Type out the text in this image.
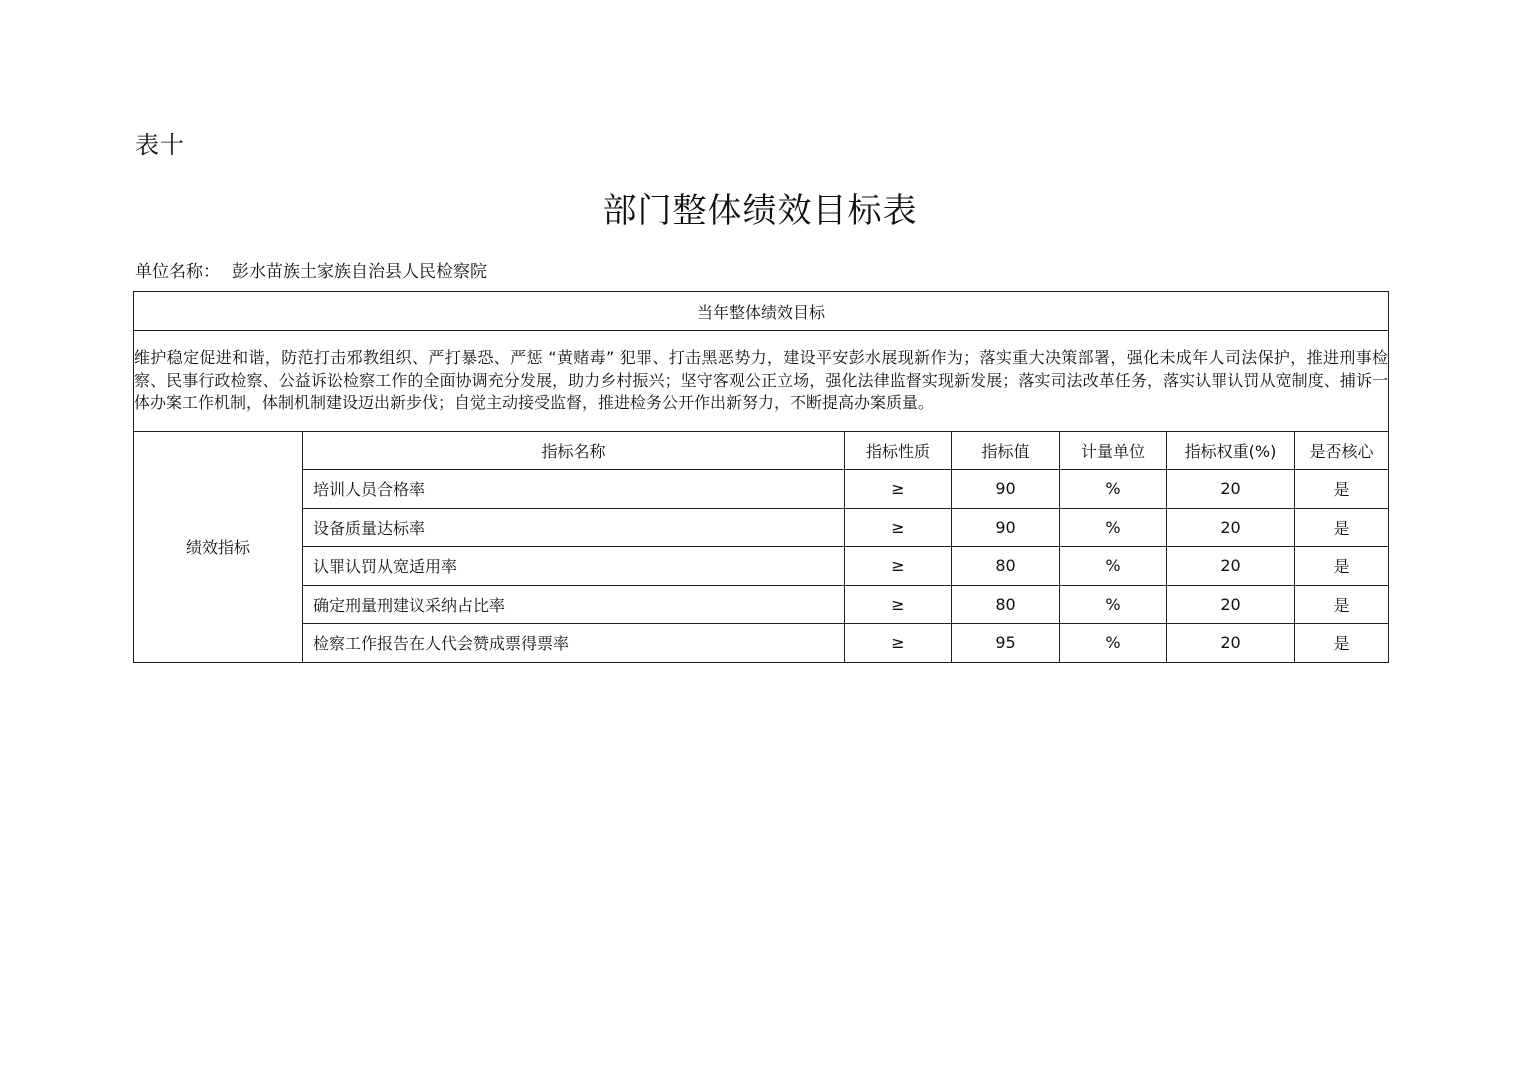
表十
部门整体绩效目标表
单位名称： 彭水苗族土家族自治县人民检察院
当年整体绩效目标						
维护稳定促进和谐，防范打击邪教组织、严打暴恐、严惩 “黄赌毒” 犯罪、打击黑恶势力，建设平安彭水展现新作为；落实重大决策部署，强化未成年人司法保护，推进刑事检察、民事行政检察、公益诉讼检察工作的全面协调充分发展，助力乡村振兴；坚守客观公正立场，强化法律监督实现新发展；落实司法改革任务，落实认罪认罚从宽制度、捕诉一体办案工作机制，体制机制建设迈出新步伐；自觉主动接受监督，推进检务公开作出新努力，不断提高办案质量。						
绩效指标	指标名称	指标性质	指标值	计量单位	指标权重(%)	是否核心
	培训人员合格率	≥	90	%	20	是
	设备质量达标率	≥	90	%	20	是
	认罪认罚从宽适用率	≥	80	%	20	是
	确定刑量刑建议采纳占比率	≥	80	%	20	是
	检察工作报告在人代会赞成票得票率	≥	95	%	20	是
